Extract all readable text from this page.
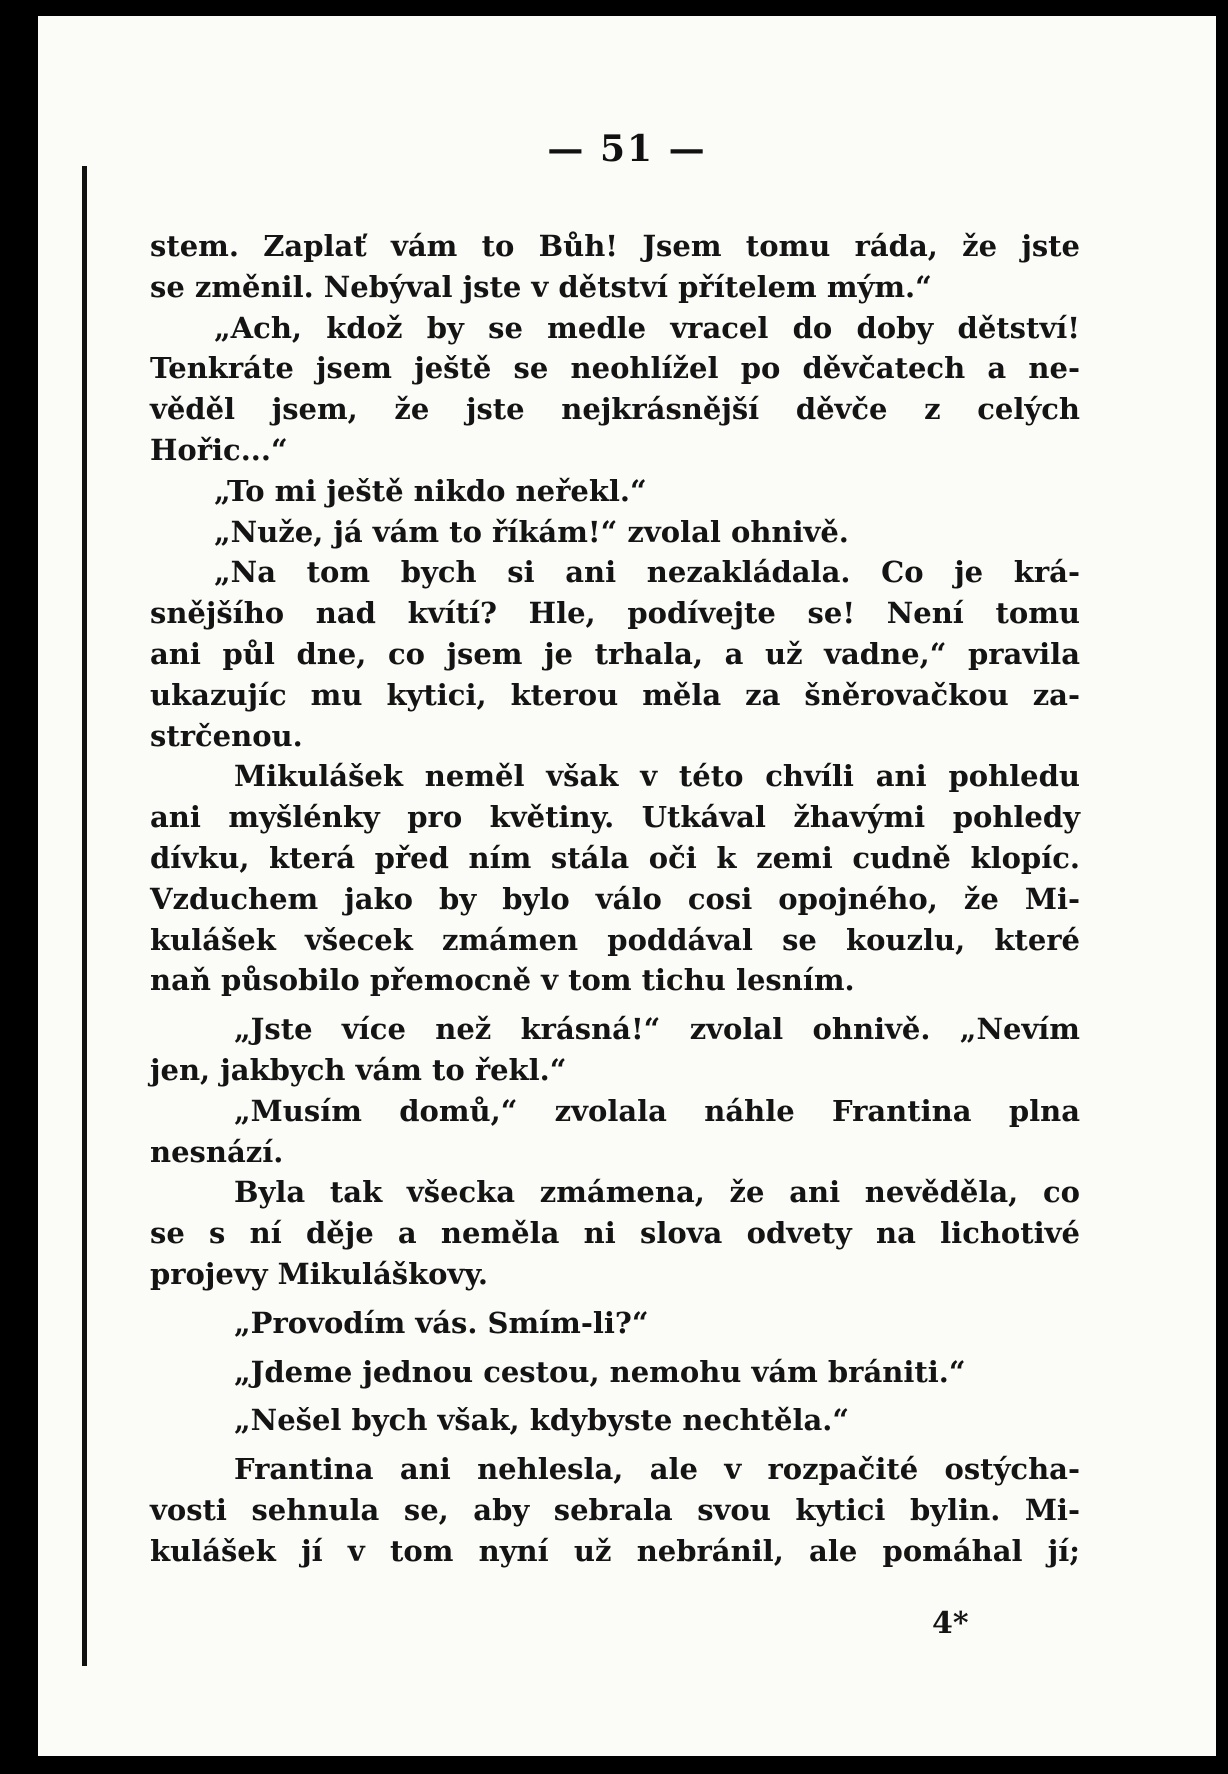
— 51 —
stem. Zaplať vám to Bůh! Jsem tomu ráda, že jste
se změnil. Nebýval jste v dětství přítelem mým.“
„Ach, kdož by se medle vracel do doby dětství!
Tenkráte jsem ještě se neohlížel po děvčatech a ne-
věděl jsem, že jste nejkrásnější děvče z celých
Hořic...“
„To mi ještě nikdo neřekl.“
„Nuže, já vám to říkám!“ zvolal ohnivě.
„Na tom bych si ani nezakládala. Co je krá-
snějšího nad kvítí? Hle, podívejte se! Není tomu
ani půl dne, co jsem je trhala, a už vadne,“ pravila
ukazujíc mu kytici, kterou měla za šněrovačkou za-
strčenou.
Mikulášek neměl však v této chvíli ani pohledu
ani myšlénky pro květiny. Utkával žhavými pohledy
dívku, která před ním stála oči k zemi cudně klopíc.
Vzduchem jako by bylo válo cosi opojného, že Mi-
kulášek všecek zmámen poddával se kouzlu, které
naň působilo přemocně v tom tichu lesním.
„Jste více než krásná!“ zvolal ohnivě. „Nevím
jen, jakbych vám to řekl.“
„Musím domů,“ zvolala náhle Frantina plna
nesnází.
Byla tak všecka zmámena, že ani nevěděla, co
se s ní děje a neměla ni slova odvety na lichotivé
projevy Mikuláškovy.
„Provodím vás. Smím-li?“
„Jdeme jednou cestou, nemohu vám brániti.“
„Nešel bych však, kdybyste nechtěla.“
Frantina ani nehlesla, ale v rozpačité ostýcha-
vosti sehnula se, aby sebrala svou kytici bylin. Mi-
kulášek jí v tom nyní už nebránil, ale pomáhal jí;
4*
